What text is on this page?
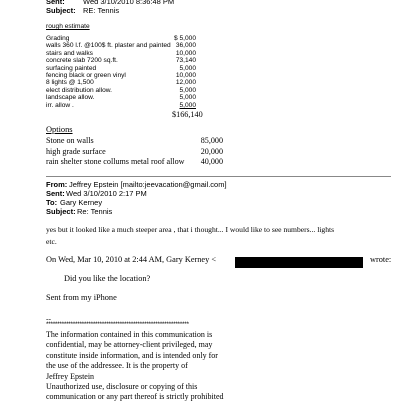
Sent: Wed 3/10/2010 8:36:48 PM
Subject: RE: Tennis
rough estimate
Grading	$ 5,000
walls 360 l.f. @100$ ft. plaster and painted 36,000
stairs and walks	10,000
concrete slab 7200 sq.ft.	73,140
surfacing painted	5,000
fencing black or green vinyl	10,000
8 lights @ 1,500	12,000
elect distribution allow.	5,000
landscape allow.	5,000
irr. allow .	5,000
$166,140
Options
Stone on walls	85,000
high grade surface	20,000
rain shelter stone collums metal roof allow 40,000
From: Jeffrey Epstein [mailto:jeevacation@gmail.com]
Sent: Wed 3/10/2010 2:17 PM
To: Gary Kerney
Subject: Re: Tennis
yes but it looked like a much steeper area , that i thought... I would like to see numbers... lights
etc.
On Wed, Mar 10, 2010 at 2:44 AM, Gary Kerney <	wrote:
Did you like the location?
Sent from my iPhone
--
****************************************************************
The information contained in this communication is
confidential, may be attorney-client privileged, may
constitute inside information, and is intended only for
the use of the addressee. It is the property of
Jeffrey Epstein
Unauthorized use, disclosure or copying of this
communication or any part thereof is strictly prohibited
